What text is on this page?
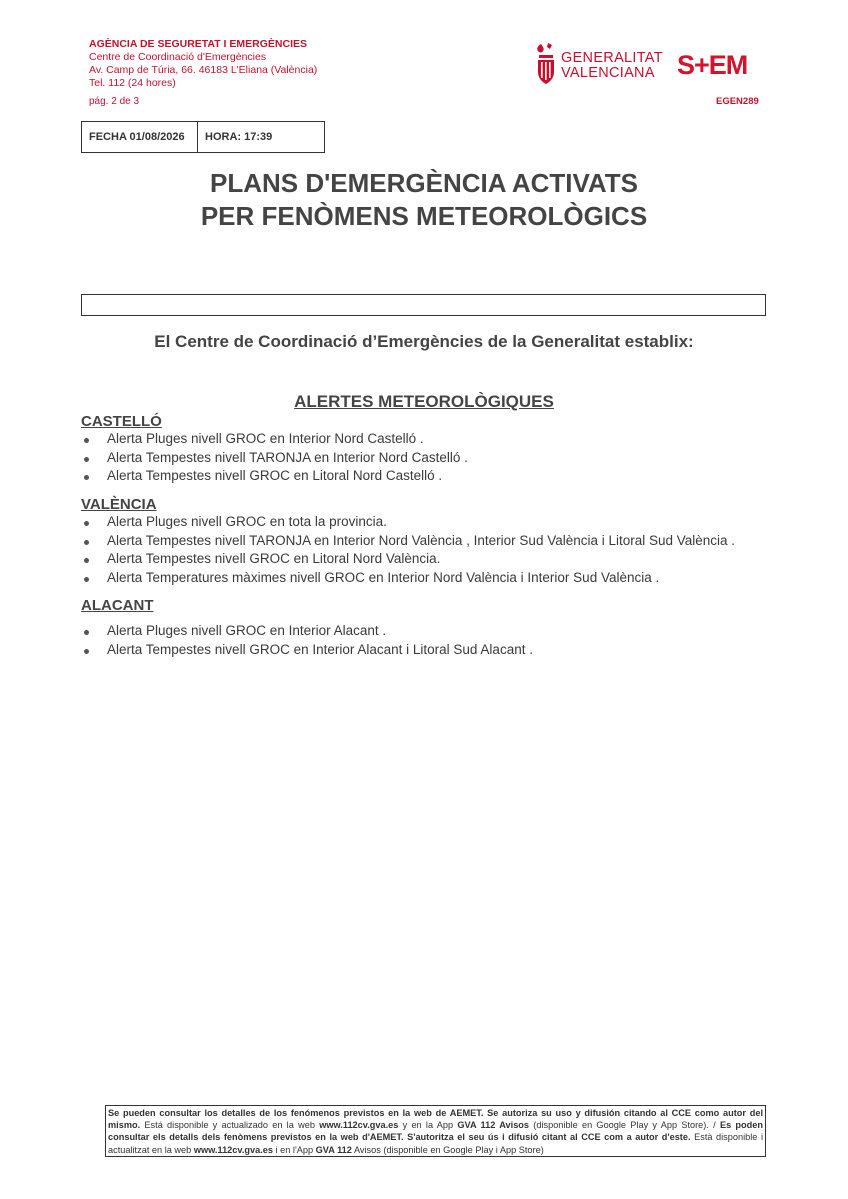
AGÈNCIA DE SEGURETAT I EMERGÈNCIES
Centre de Coordinació d'Emergències
Av. Camp de Túria, 66. 46183 L'Eliana (València)
Tel. 112 (24 hores)
pág. 2 de 3
GENERALITAT
VALENCIANA S+EM
EGEN289
FECHA 01/08/2026	HORA: 17:39
PLANS D'EMERGÈNCIA ACTIVATS
PER FENÒMENS METEOROLÒGICS
El Centre de Coordinació d’Emergències de la Generalitat establix:
ALERTES METEOROLÒGIQUES
CASTELLÓ
Alerta Pluges nivell GROC en Interior Nord Castelló .
Alerta Tempestes nivell TARONJA en Interior Nord Castelló .
Alerta Tempestes nivell GROC en Litoral Nord Castelló .
VALÈNCIA
Alerta Pluges nivell GROC en tota la provincia.
Alerta Tempestes nivell TARONJA en Interior Nord València , Interior Sud València i Litoral Sud València .
Alerta Tempestes nivell GROC en Litoral Nord València.
Alerta Temperatures màximes nivell GROC en Interior Nord València i Interior Sud València .
ALACANT
Alerta Pluges nivell GROC en Interior Alacant .
Alerta Tempestes nivell GROC en Interior Alacant i Litoral Sud Alacant .
Se pueden consultar los detalles de los fenómenos previstos en la web de AEMET. Se autoriza su uso y difusión citando al CCE como autor del mismo. Está disponible y actualizado en la web www.112cv.gva.es y en la App GVA 112 Avisos (disponible en Google Play y App Store). / Es poden consultar els detalls dels fenòmens previstos en la web d'AEMET. S'autoritza el seu ús i difusió citant al CCE com a autor d'este. Està disponible i actualitzat en la web www.112cv.gva.es i en l'App GVA 112 Avisos (disponible en Google Play i App Store)
